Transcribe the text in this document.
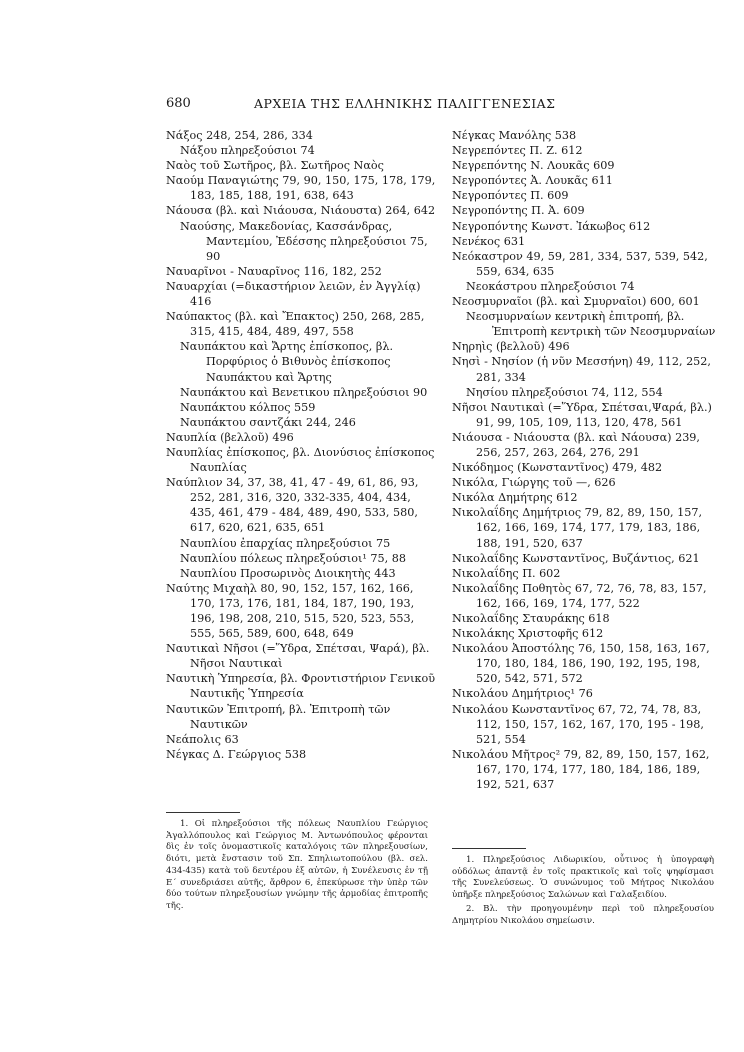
680	ΑΡΧΕΙΑ ΤΗΣ ΕΛΛΗΝΙΚΗΣ ΠΑΛΙΓΓΕΝΕΣΙΑΣ
Νάξος 248, 254, 286, 334
Νάξου πληρεξούσιοι 74
Ναὸς τοῦ Σωτῆρος, βλ. Σωτῆρος Ναὸς
Ναούμ Παναγιώτης 79, 90, 150, 175, 178, 179, 183, 185, 188, 191, 638, 643
Νάουσα (βλ. καὶ Νιάουσα, Νιάουστα) 264, 642
Ναούσης, Μακεδονίας, Κασσάνδρας, Μαντεμίου, Ἐδέσσης πληρεξούσιοι 75, 90
Ναυαρῖνοι - Ναυαρῖνος 116, 182, 252
Ναυαρχίαι (=δικαστήριον λειῶν, ἐν Ἀγγλίᾳ) 416
Ναύπακτος (βλ. καὶ Ἔπακτος) 250, 268, 285, 315, 415, 484, 489, 497, 558
Ναυπάκτου καὶ Ἄρτης ἐπίσκοπος, βλ. Πορφύριος ὁ Βιθυνὸς ἐπίσκοπος Ναυπάκτου καὶ Ἄρτης
Ναυπάκτου καὶ Βενετικου πληρεξούσιοι 90
Ναυπάκτου κόλπος 559
Ναυπάκτου σαντζάκι 244, 246
Ναυπλία (βελλοῦ) 496
Ναυπλίας ἐπίσκοπος, βλ. Διονύσιος ἐπίσκοπος Ναυπλίας
Ναύπλιον 34, 37, 38, 41, 47 - 49, 61, 86, 93, 252, 281, 316, 320, 332-335, 404, 434, 435, 461, 479 - 484, 489, 490, 533, 580, 617, 620, 621, 635, 651
Ναυπλίου ἐπαρχίας πληρεξούσιοι 75
Ναυπλίου πόλεως πληρεξούσιοι¹ 75, 88
Ναυπλίου Προσωρινὸς Διοικητὴς 443
Ναύτης Μιχαὴλ 80, 90, 152, 157, 162, 166, 170, 173, 176, 181, 184, 187, 190, 193, 196, 198, 208, 210, 515, 520, 523, 553, 555, 565, 589, 600, 648, 649
Ναυτικαὶ Νῆσοι (=Ὕδρα, Σπέτσαι, Ψαρά), βλ. Νῆσοι Ναυτικαὶ
Ναυτικὴ Ὑπηρεσία, βλ. Φροντιστήριον Γενικοῦ Ναυτικῆς Ὑπηρεσία
Ναυτικῶν Ἐπιτροπή, βλ. Ἐπιτροπὴ τῶν Ναυτικῶν
Νεάπολις 63
Νέγκας Δ. Γεώργιος 538
Νέγκας Μανόλης 538
Νεγρεπόντες Π. Ζ. 612
Νεγρεπόντης Ν. Λουκᾶς 609
Νεγροπόντες Ἀ. Λουκᾶς 611
Νεγροπόντες Π. 609
Νεγροπόντης Π. Ἀ. 609
Νεγροπόντης Κωνστ. Ἰάκωβος 612
Νενέκος 631
Νεόκαστρον 49, 59, 281, 334, 537, 539, 542, 559, 634, 635
Νεοκάστρου πληρεξούσιοι 74
Νεοσμυρναῖοι (βλ. καὶ Σμυρναῖοι) 600, 601
Νεοσμυρναίων κεντρικὴ ἐπιτροπή, βλ. Ἐπιτροπὴ κεντρικὴ τῶν Νεοσμυρναίων
Νηρηὶς (βελλοῦ) 496
Νησὶ - Νησίον (ἡ νῦν Μεσσήνη) 49, 112, 252, 281, 334
Νησίου πληρεξούσιοι 74, 112, 554
Νῆσοι Ναυτικαὶ (=Ὕδρα, Σπέτσαι,Ψαρά, βλ.) 91, 99, 105, 109, 113, 120, 478, 561
Νιάουσα - Νιάουστα (βλ. καὶ Νάουσα) 239, 256, 257, 263, 264, 276, 291
Νικόδημος (Κωνσταντῖνος) 479, 482
Νικόλα, Γιώργης τοῦ —, 626
Νικόλα Δημήτρης 612
Νικολαΐδης Δημήτριος 79, 82, 89, 150, 157, 162, 166, 169, 174, 177, 179, 183, 186, 188, 191, 520, 637
Νικολαΐδης Κωνσταντῖνος, Βυζάντιος, 621
Νικολαΐδης Π. 602
Νικολαΐδης Ποθητὸς 67, 72, 76, 78, 83, 157, 162, 166, 169, 174, 177, 522
Νικολαΐδης Σταυράκης 618
Νικολάκης Χριστοφῆς 612
Νικολάου Ἀποστόλης 76, 150, 158, 163, 167, 170, 180, 184, 186, 190, 192, 195, 198, 520, 542, 571, 572
Νικολάου Δημήτριος¹ 76
Νικολάου Κωνσταντῖνος 67, 72, 74, 78, 83, 112, 150, 157, 162, 167, 170, 195 - 198, 521, 554
Νικολάου Μῆτρος² 79, 82, 89, 150, 157, 162, 167, 170, 174, 177, 180, 184, 186, 189, 192, 521, 637
1. Οἱ πληρεξούσιοι τῆς πόλεως Ναυπλίου Γεώργιος Ἀγαλλόπουλος καὶ Γεώργιος Μ. Ἀντωνόπουλος φέρονται δὶς ἐν τοῖς ὀνομαστικοῖς καταλόγοις τῶν πληρεξουσίων, διότι, μετὰ ἔνστασιν τοῦ Σπ. Σπηλιωτοπούλου (βλ. σελ. 434-435) κατὰ τοῦ δευτέρου ἐξ αὐτῶν, ἡ Συνέλευσις ἐν τῇ Ε΄ συνεδριάσει αὐτῆς, ἄρθρον 6, ἐπεκύρωσε τὴν ὑπὲρ τῶν δύο τούτων πληρεξουσίων γνώμην τῆς ἁρμοδίας ἐπιτροπῆς τῆς.
1. Πληρεξούσιος Λιδωρικίου, οὗτινος ἡ ὑπογραφὴ οὐδόλως ἀπαντᾷ ἐν τοῖς πρακτικοῖς καὶ τοῖς ψηφίσμασι τῆς Συνελεύσεως. Ὁ συνώνυμος τοῦ Μήτρος Νικολάου ὑπῆρξε πληρεξούσιος Σαλώνων καὶ Γαλαξειδίου.
2. Βλ. τὴν προηγουμένην περὶ τοῦ πληρεξουσίου Δημητρίου Νικολάου σημείωσιν.
